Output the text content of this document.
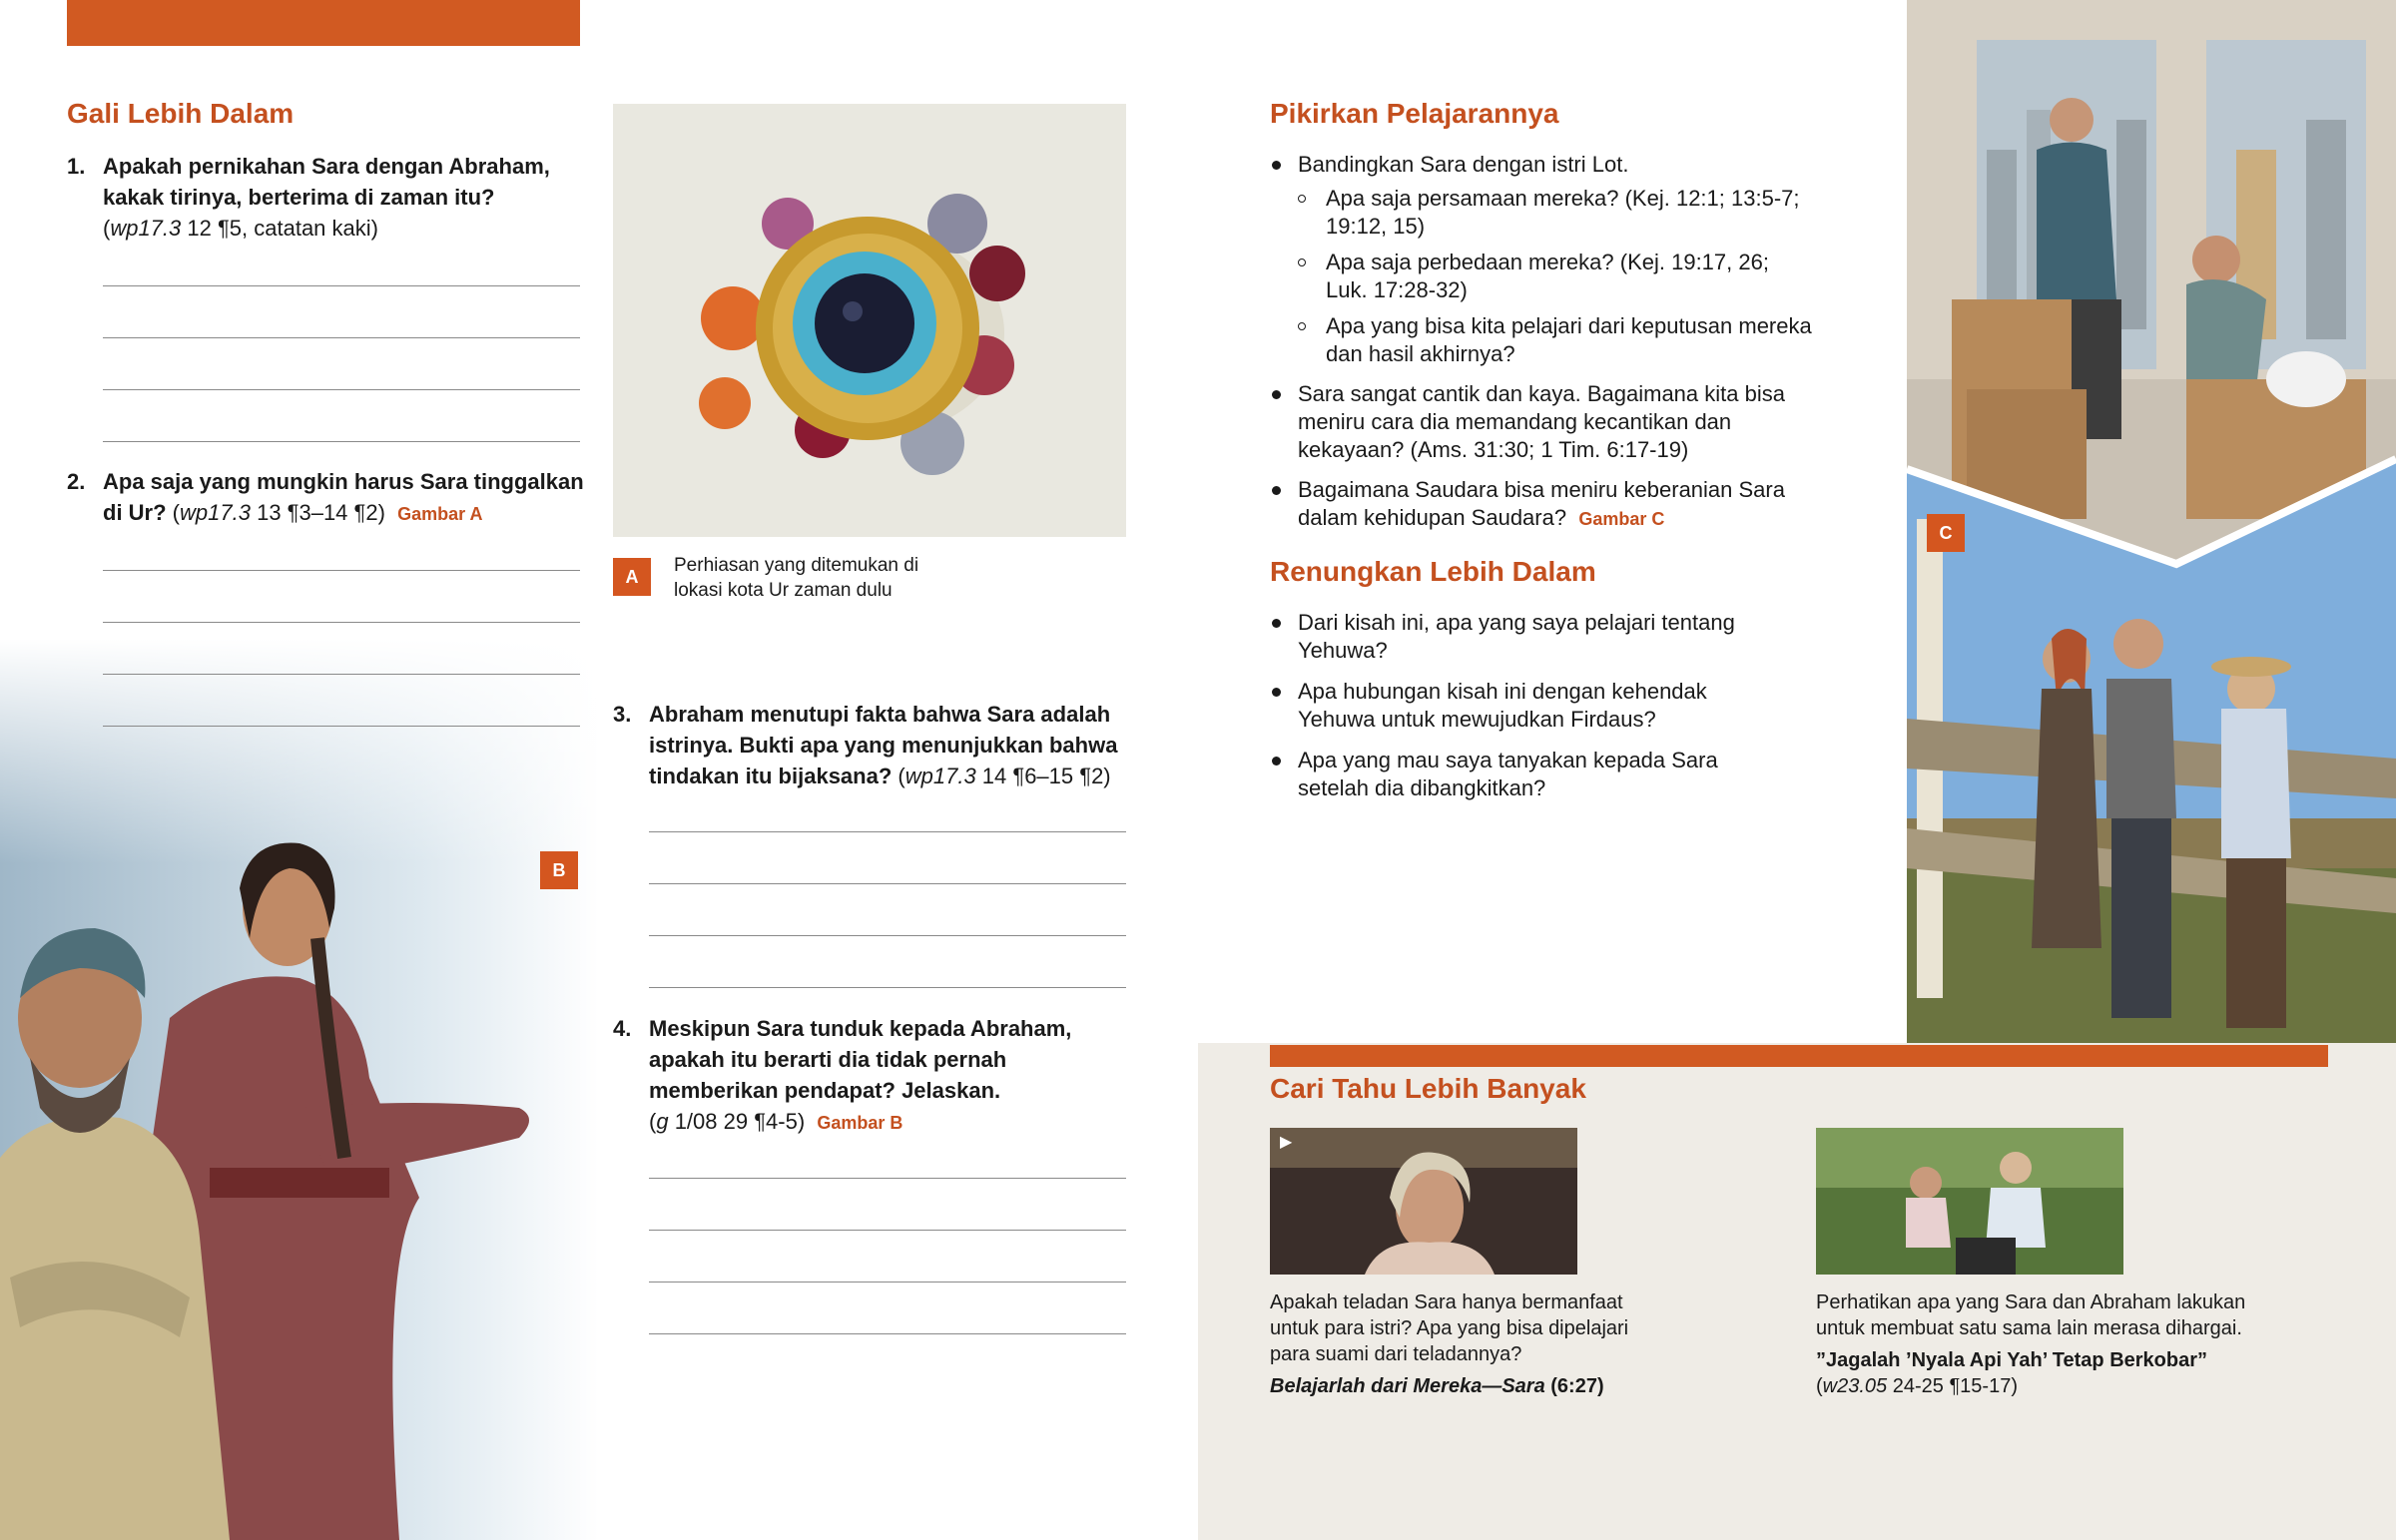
Gali Lebih Dalam
1. Apakah pernikahan Sara dengan Abraham, kakak tirinya, berterima di zaman itu?
(wp17.3 12 ¶5, catatan kaki)
2. Apa saja yang mungkin harus Sara tinggalkan di Ur? (wp17.3 13 ¶3–14 ¶2) Gambar A
B
A
Perhiasan yang ditemukan di lokasi kota Ur zaman dulu
3. Abraham menutupi fakta bahwa Sara adalah istrinya. Bukti apa yang menunjukkan bahwa tindakan itu bijaksana? (wp17.3 14 ¶6–15 ¶2)
4. Meskipun Sara tunduk kepada Abraham, apakah itu berarti dia tidak pernah memberikan pendapat? Jelaskan.
(g 1/08 29 ¶4-5) Gambar B
Pikirkan Pelajarannya
Bandingkan Sara dengan istri Lot.
Apa saja persamaan mereka? (Kej. 12:1; 13:5-7; 19:12, 15)
Apa saja perbedaan mereka? (Kej. 19:17, 26; Luk. 17:28-32)
Apa yang bisa kita pelajari dari keputusan mereka dan hasil akhirnya?
Sara sangat cantik dan kaya. Bagaimana kita bisa meniru cara dia memandang kecantikan dan kekayaan? (Ams. 31:30; 1 Tim. 6:17-19)
Bagaimana Saudara bisa meniru keberanian Sara dalam kehidupan Saudara? Gambar C
Renungkan Lebih Dalam
Dari kisah ini, apa yang saya pelajari tentang Yehuwa?
Apa hubungan kisah ini dengan kehendak Yehuwa untuk mewujudkan Firdaus?
Apa yang mau saya tanyakan kepada Sara setelah dia dibangkitkan?
C
Cari Tahu Lebih Banyak
▶
Apakah teladan Sara hanya bermanfaat untuk para istri? Apa yang bisa dipelajari para suami dari teladannya?

Belajarlah dari Mereka—Sara (6:27)
Perhatikan apa yang Sara dan Abraham lakukan untuk membuat satu sama lain merasa dihargai.

”Jagalah ’Nyala Api Yah’ Tetap Berkobar”
(w23.05 24-25 ¶15-17)
